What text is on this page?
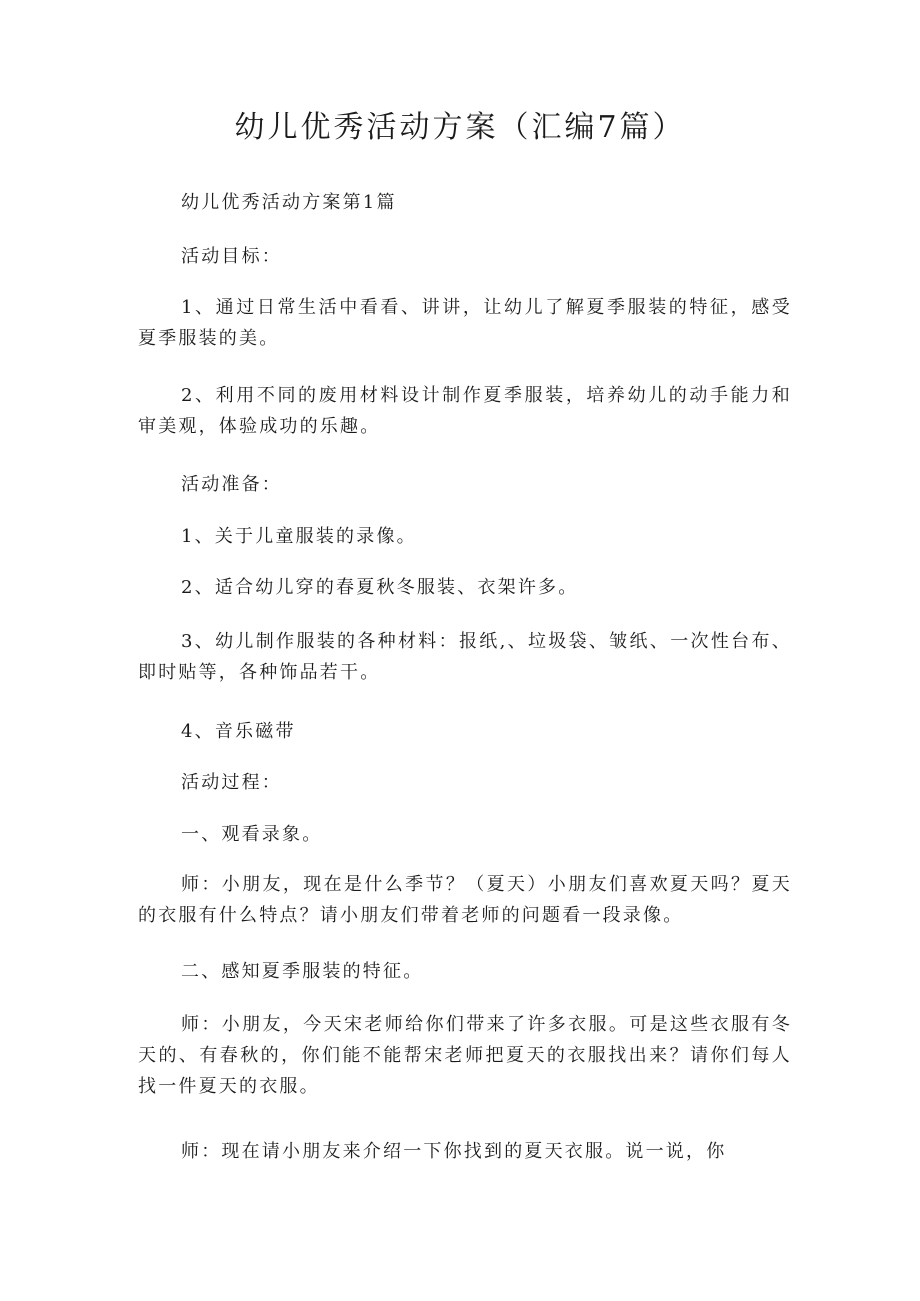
幼儿优秀活动方案（汇编7篇）

幼儿优秀活动方案第1篇

活动目标：

1、通过日常生活中看看、讲讲，让幼儿了解夏季服装的特征，感受夏季服装的美。

2、利用不同的废用材料设计制作夏季服装，培养幼儿的动手能力和审美观，体验成功的乐趣。

活动准备：

1、关于儿童服装的录像。

2、适合幼儿穿的春夏秋冬服装、衣架许多。

3、幼儿制作服装的各种材料：报纸,、垃圾袋、皱纸、一次性台布、即时贴等，各种饰品若干。

4、音乐磁带

活动过程：

一、观看录象。

师：小朋友，现在是什么季节？（夏天）小朋友们喜欢夏天吗？夏天的衣服有什么特点？请小朋友们带着老师的问题看一段录像。

二、感知夏季服装的特征。

师：小朋友，今天宋老师给你们带来了许多衣服。可是这些衣服有冬天的、有春秋的，你们能不能帮宋老师把夏天的衣服找出来？请你们每人找一件夏天的衣服。

师：现在请小朋友来介绍一下你找到的夏天衣服。说一说，你
